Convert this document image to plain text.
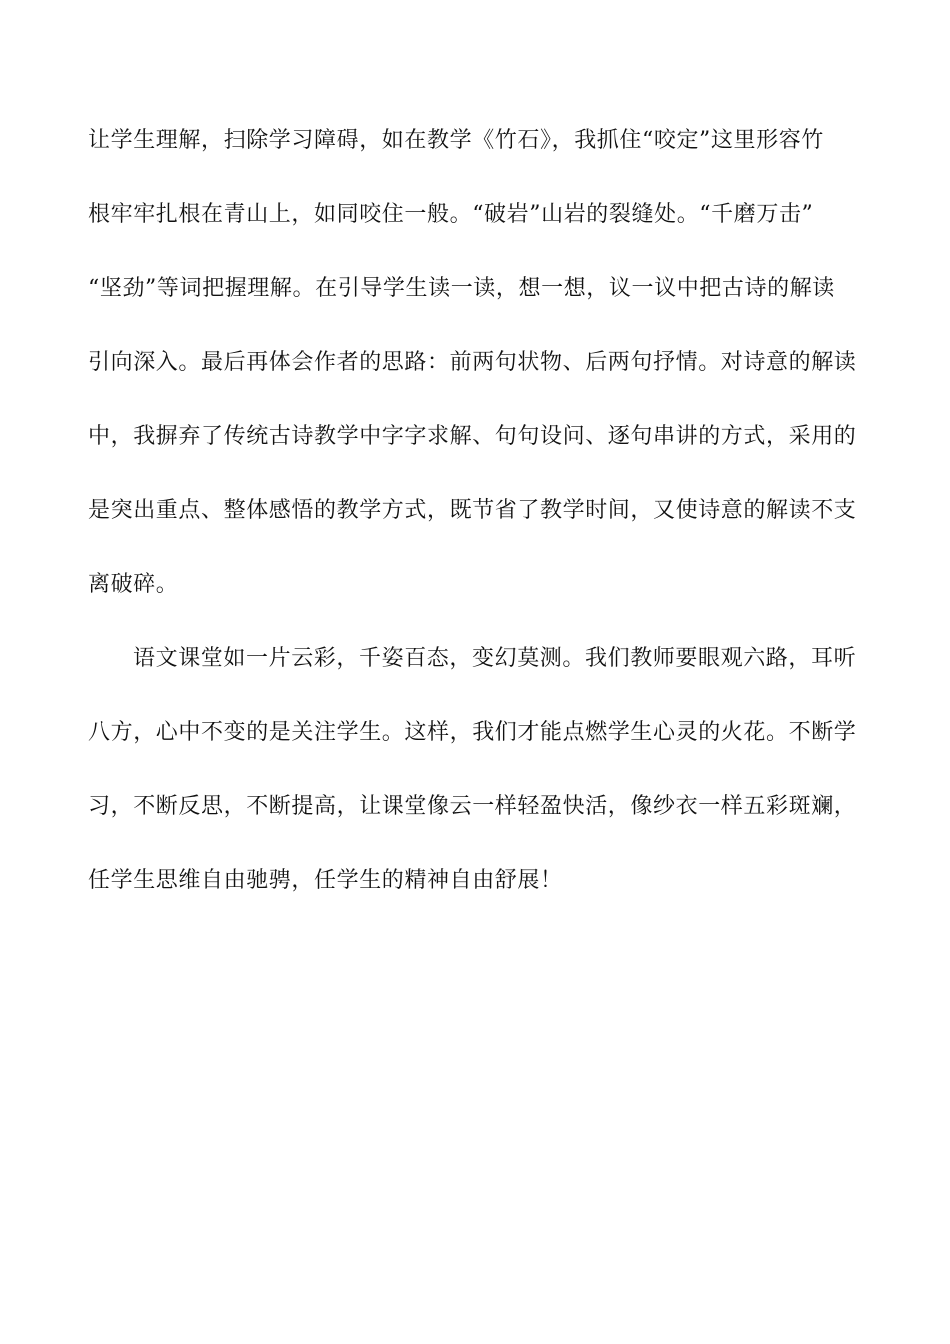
让学生理解，扫除学习障碍，如在教学《竹石》，我抓住“咬定”这里形容竹
根牢牢扎根在青山上，如同咬住一般。“破岩”山岩的裂缝处。“千磨万击”
“坚劲”等词把握理解。在引导学生读一读，想一想，议一议中把古诗的解读
引向深入。最后再体会作者的思路：前两句状物、后两句抒情。对诗意的解读
中，我摒弃了传统古诗教学中字字求解、句句设问、逐句串讲的方式，采用的
是突出重点、整体感悟的教学方式，既节省了教学时间，又使诗意的解读不支
离破碎。
语文课堂如一片云彩，千姿百态，变幻莫测。我们教师要眼观六路，耳听
八方，心中不变的是关注学生。这样，我们才能点燃学生心灵的火花。不断学
习，不断反思，不断提高，让课堂像云一样轻盈快活，像纱衣一样五彩斑斓，
任学生思维自由驰骋，任学生的精神自由舒展！
